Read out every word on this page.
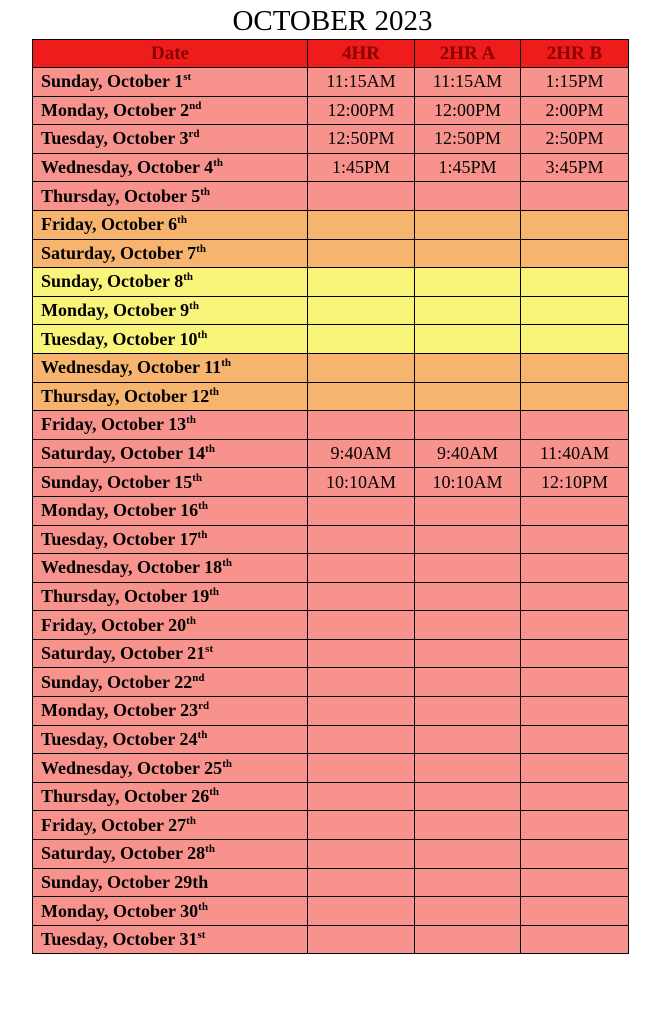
OCTOBER 2023
Date	4HR	2HR A	2HR B
Sunday, October 1st	11:15AM	11:15AM	1:15PM
Monday, October 2nd	12:00PM	12:00PM	2:00PM
Tuesday, October 3rd	12:50PM	12:50PM	2:50PM
Wednesday, October 4th	1:45PM	1:45PM	3:45PM
Thursday, October 5th			
Friday, October 6th			
Saturday, October 7th			
Sunday, October 8th			
Monday, October 9th			
Tuesday, October 10th			
Wednesday, October 11th			
Thursday, October 12th			
Friday, October 13th			
Saturday, October 14th	9:40AM	9:40AM	11:40AM
Sunday, October 15th	10:10AM	10:10AM	12:10PM
Monday, October 16th			
Tuesday, October 17th			
Wednesday, October 18th			
Thursday, October 19th			
Friday, October 20th			
Saturday, October 21st			
Sunday, October 22nd			
Monday, October 23rd			
Tuesday, October 24th			
Wednesday, October 25th			
Thursday, October 26th			
Friday, October 27th			
Saturday, October 28th			
Sunday, October 29th			
Monday, October 30th			
Tuesday, October 31st			
